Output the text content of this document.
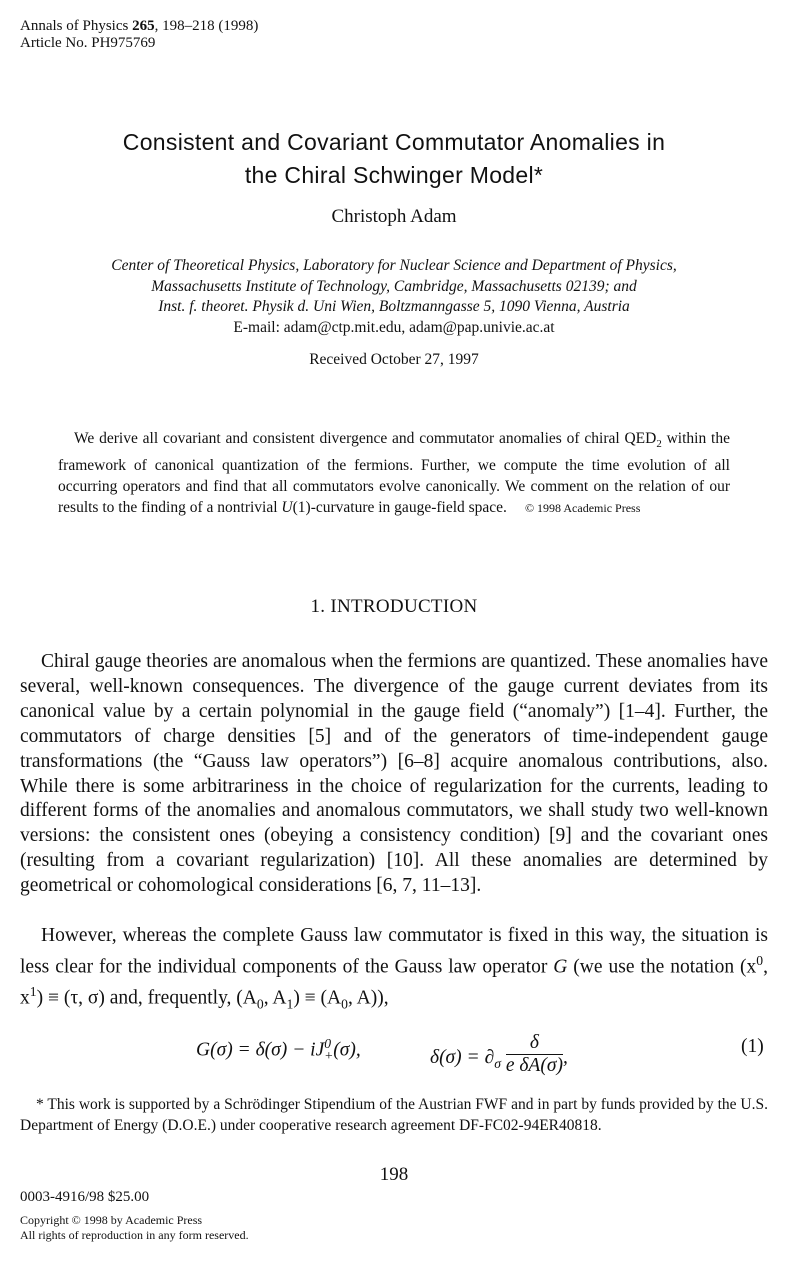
Annals of Physics 265, 198–218 (1998)
Article No. PH975769
Consistent and Covariant Commutator Anomalies in
the Chiral Schwinger Model*
Christoph Adam
Center of Theoretical Physics, Laboratory for Nuclear Science and Department of Physics,
Massachusetts Institute of Technology, Cambridge, Massachusetts 02139; and
Inst. f. theoret. Physik d. Uni Wien, Boltzmanngasse 5, 1090 Vienna, Austria
E-mail: adam@ctp.mit.edu, adam@pap.univie.ac.at
Received October 27, 1997
We derive all covariant and consistent divergence and commutator anomalies of chiral $QED_2$ within the framework of canonical quantization of the fermions. Further, we compute the time evolution of all occurring operators and find that all commutators evolve canonically. We comment on the relation of our results to the finding of a nontrivial U(1)-curvature in gauge-field space. © 1998 Academic Press
1. INTRODUCTION
Chiral gauge theories are anomalous when the fermions are quantized. These anomalies have several, well-known consequences. The divergence of the gauge current deviates from its canonical value by a certain polynomial in the gauge field (“anomaly”) [1–4]. Further, the commutators of charge densities [5] and of the generators of time-independent gauge transformations (the “Gauss law operators”) [6–8] acquire anomalous contributions, also. While there is some arbitrariness in the choice of regularization for the currents, leading to different forms of the anomalies and anomalous commutators, we shall study two well-known versions: the consistent ones (obeying a consistency condition) [9] and the covariant ones (resulting from a covariant regularization) [10]. All these anomalies are determined by geometrical or cohomological considerations [6, 7, 11–13].
However, whereas the complete Gauss law commutator is fixed in this way, the situation is less clear for the individual components of the Gauss law operator G (we use the notation ($x^0$, $x^1) \equiv (\tau$, σ) and, frequently, ($A_0$, $A_1) \equiv (A_0$, A)),
$G(\sigma) = \delta(\sigma) - iJ^0_+(\sigma)$,	$\delta(\sigma) = \partial_\sigma \frac{\delta}{\text{e δA(σ)}}$ ,
(1)
* This work is supported by a Schrödinger Stipendium of the Austrian FWF and in part by funds provided by the U.S. Department of Energy (D.O.E.) under cooperative research agreement DF-FC02-94ER40818.
198
0003-4916/98 $25.00
Copyright © 1998 by Academic Press
All rights of reproduction in any form reserved.
